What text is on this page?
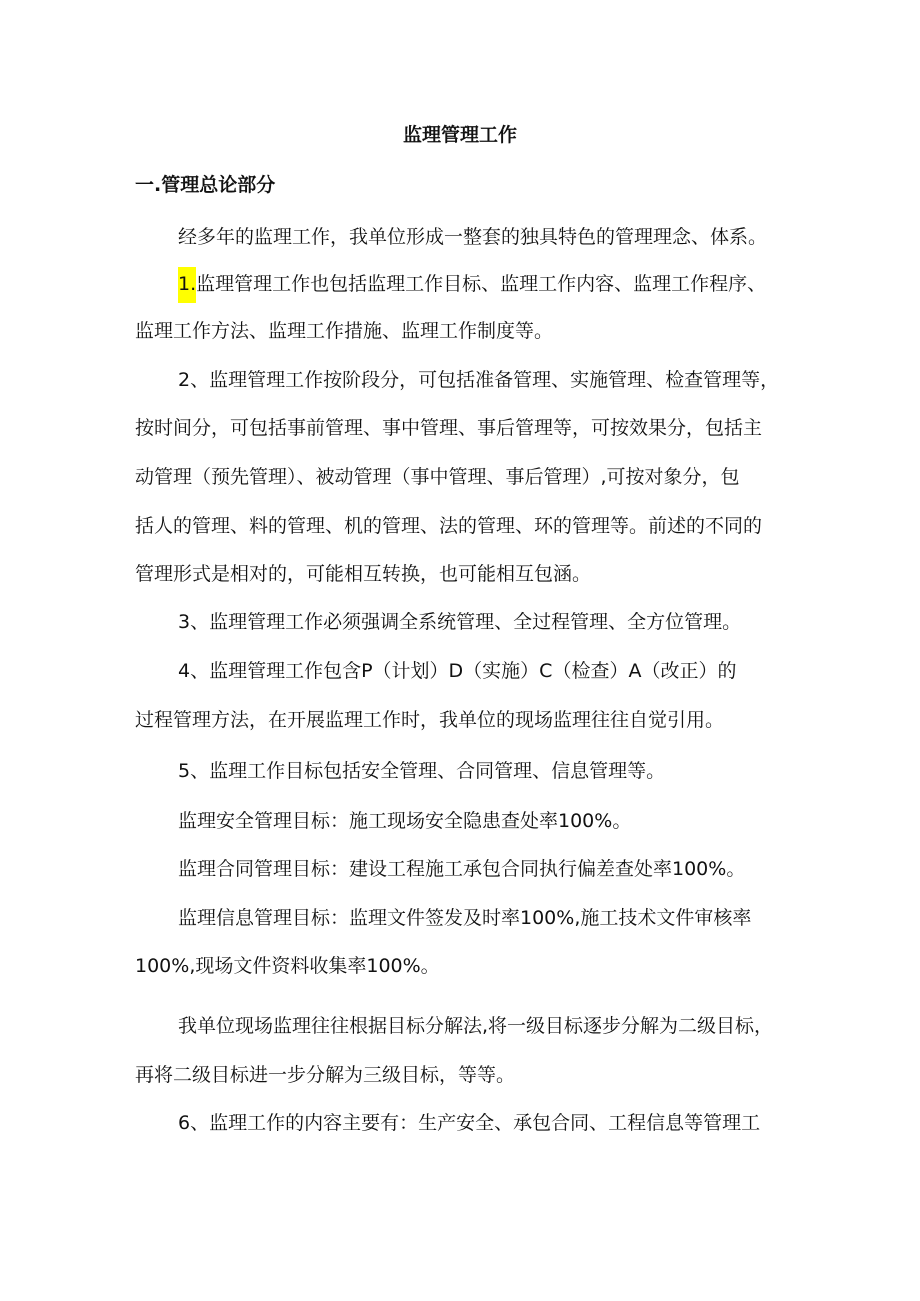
监理管理工作
一.管理总论部分
经多年的监理工作，我单位形成一整套的独具特色的管理理念、体系。
1.监理管理工作也包括监理工作目标、监理工作内容、监理工作程序、
监理工作方法、监理工作措施、监理工作制度等。
2、监理管理工作按阶段分，可包括准备管理、实施管理、检查管理等，
按时间分，可包括事前管理、事中管理、事后管理等，可按效果分，包括主
动管理（预先管理）、被动管理（事中管理、事后管理）,可按对象分，包
括人的管理、料的管理、机的管理、法的管理、环的管理等。前述的不同的
管理形式是相对的，可能相互转换，也可能相互包涵。
3、监理管理工作必须强调全系统管理、全过程管理、全方位管理。
4、监理管理工作包含P（计划）D（实施）C（检查）A（改正）的
过程管理方法，在开展监理工作时，我单位的现场监理往往自觉引用。
5、监理工作目标包括安全管理、合同管理、信息管理等。
监理安全管理目标：施工现场安全隐患查处率100%。
监理合同管理目标：建设工程施工承包合同执行偏差查处率100%。
监理信息管理目标：监理文件签发及时率100%,施工技术文件审核率
100%,现场文件资料收集率100%。
我单位现场监理往往根据目标分解法,将一级目标逐步分解为二级目标，
再将二级目标进一步分解为三级目标，等等。
6、监理工作的内容主要有：生产安全、承包合同、工程信息等管理工
